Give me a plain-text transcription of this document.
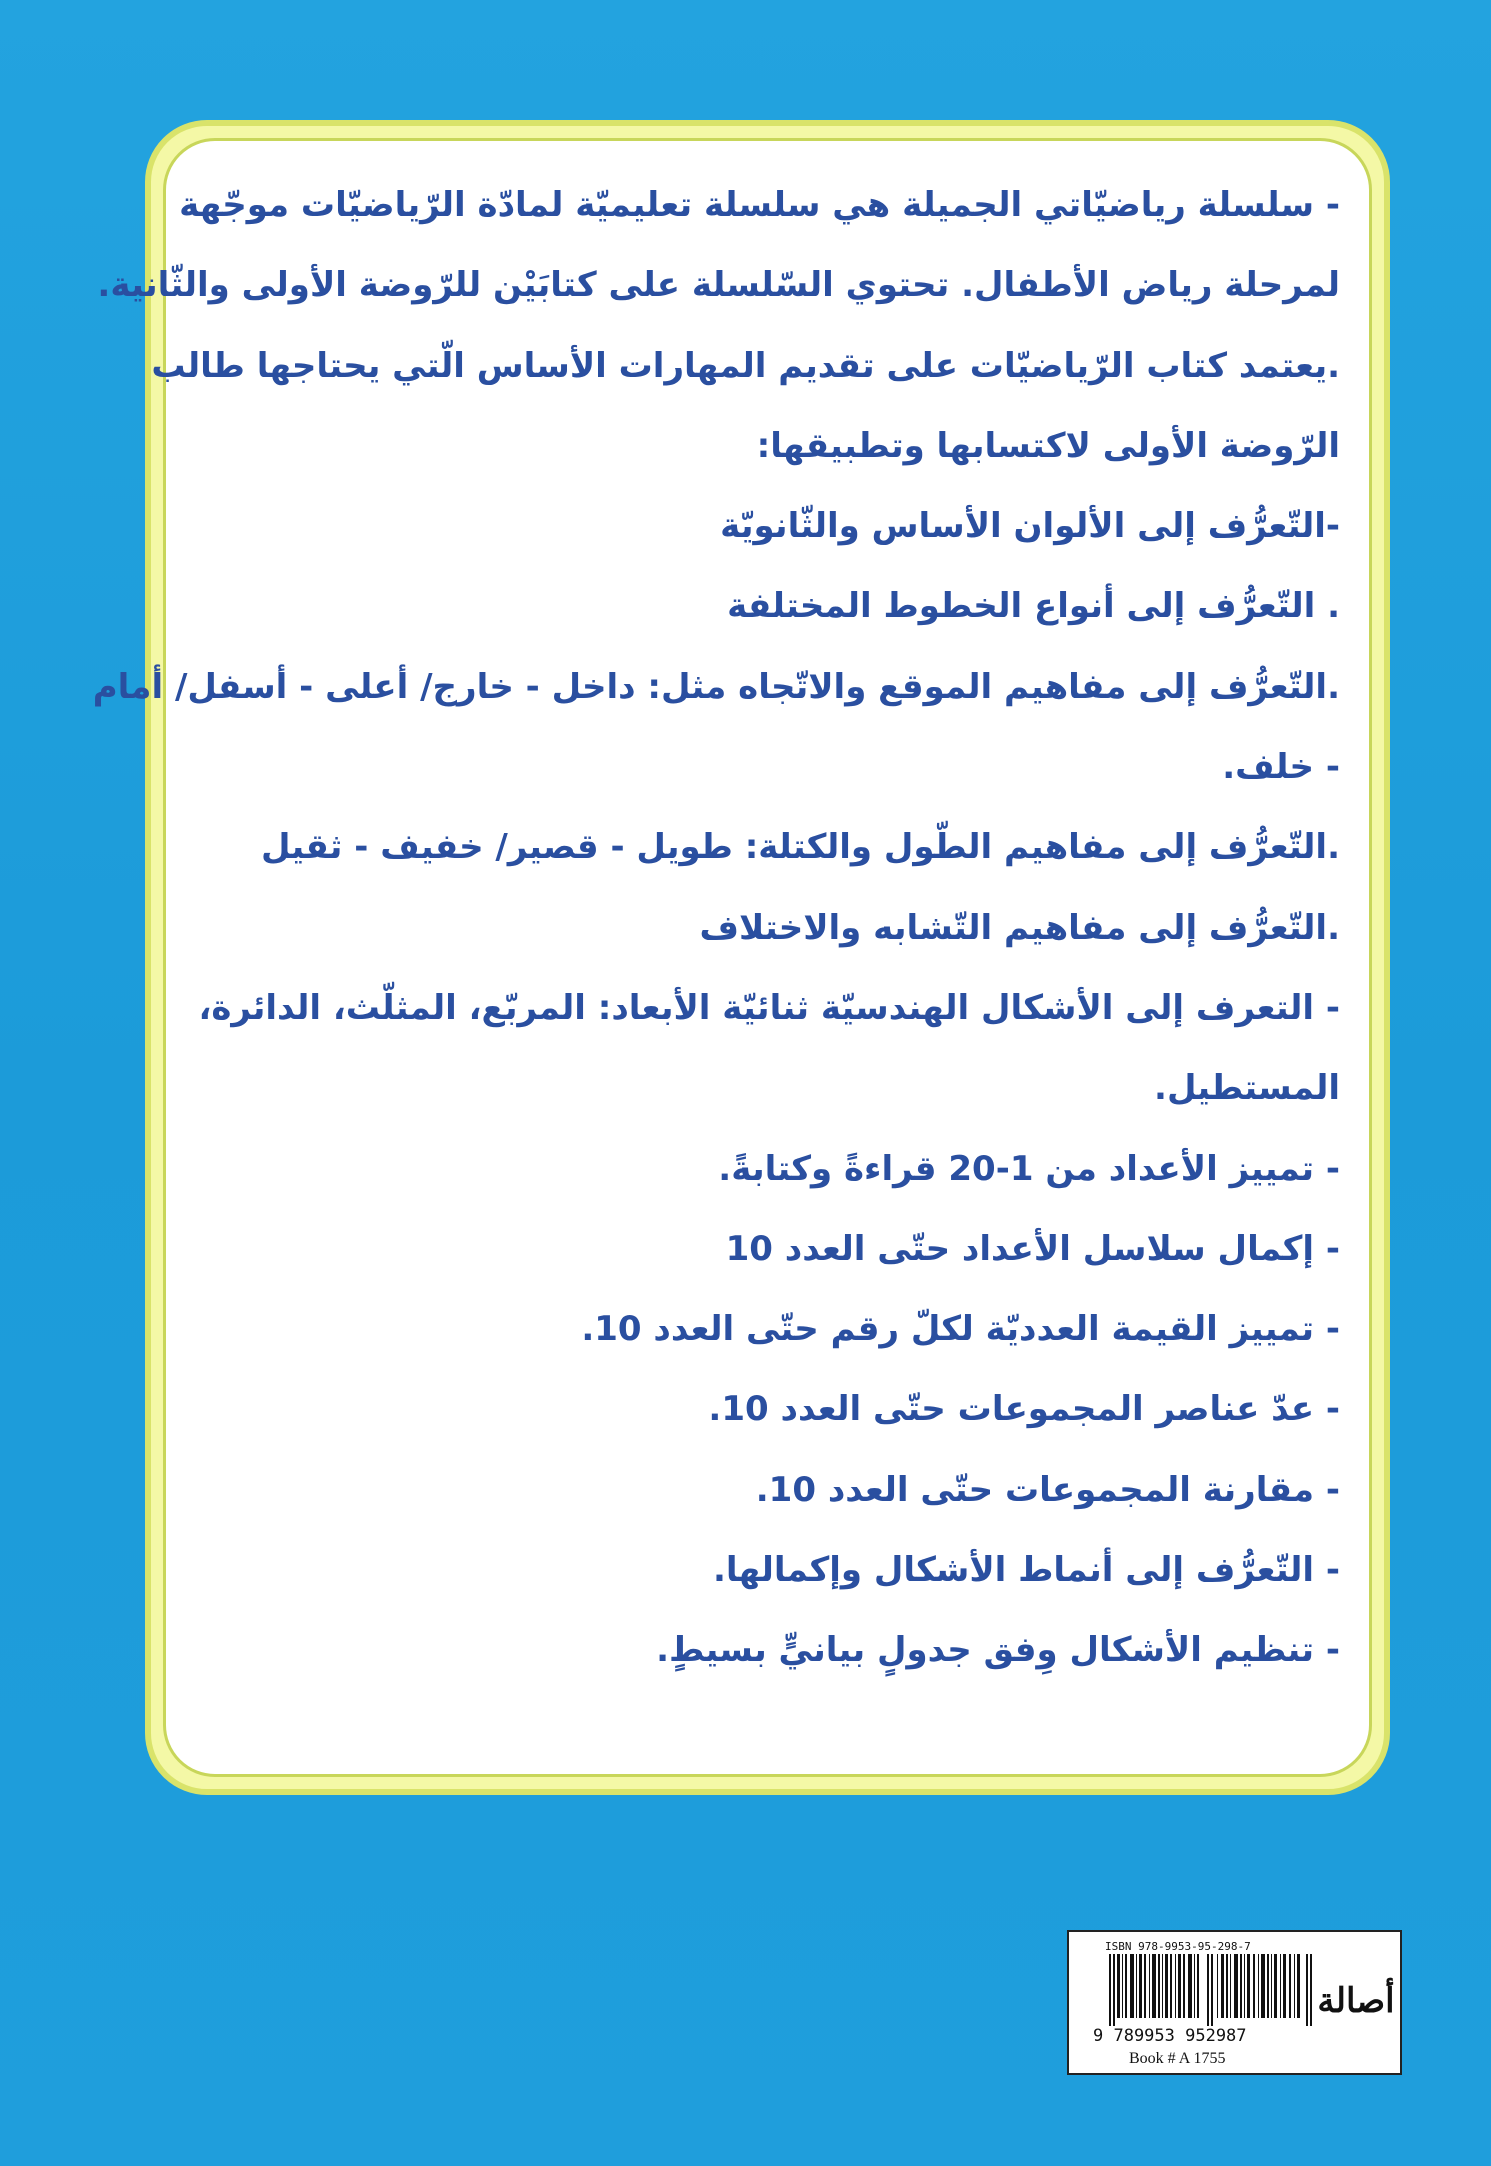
- سلسلة رياضيّاتي الجميلة هي سلسلة تعليميّة لمادّة الرّياضيّات موجّهة
لمرحلة رياض الأطفال. تحتوي السّلسلة على كتابَيْن للرّوضة الأولى والثّانية.
.يعتمد كتاب الرّياضيّات على تقديم المهارات الأساس الّتي يحتاجها طالب
الرّوضة الأولى لاكتسابها وتطبيقها:
-التّعرُّف إلى الألوان الأساس والثّانويّة
. التّعرُّف إلى أنواع الخطوط المختلفة
.التّعرُّف إلى مفاهيم الموقع والاتّجاه مثل: داخل - خارج/ أعلى - أسفل/ أمام
- خلف.
.التّعرُّف إلى مفاهيم الطّول والكتلة: طويل - قصير/ خفيف - ثقيل
.التّعرُّف إلى مفاهيم التّشابه والاختلاف
- التعرف إلى الأشكال الهندسيّة ثنائيّة الأبعاد: المربّع، المثلّث، الدائرة،
المستطيل.
- تمييز الأعداد من 1-20 قراءةً وكتابةً.
- إكمال سلاسل الأعداد حتّى العدد 10
- تمييز القيمة العدديّة لكلّ رقم حتّى العدد 10.
- عدّ عناصر المجموعات حتّى العدد 10.
- مقارنة المجموعات حتّى العدد 10.
- التّعرُّف إلى أنماط الأشكال وإكمالها.
- تنظيم الأشكال وِفق جدولٍ بيانيٍّ بسيطٍ.
ISBN 978-9953-95-298-7
9 789953 952987
Book # A 1755
أصالة
